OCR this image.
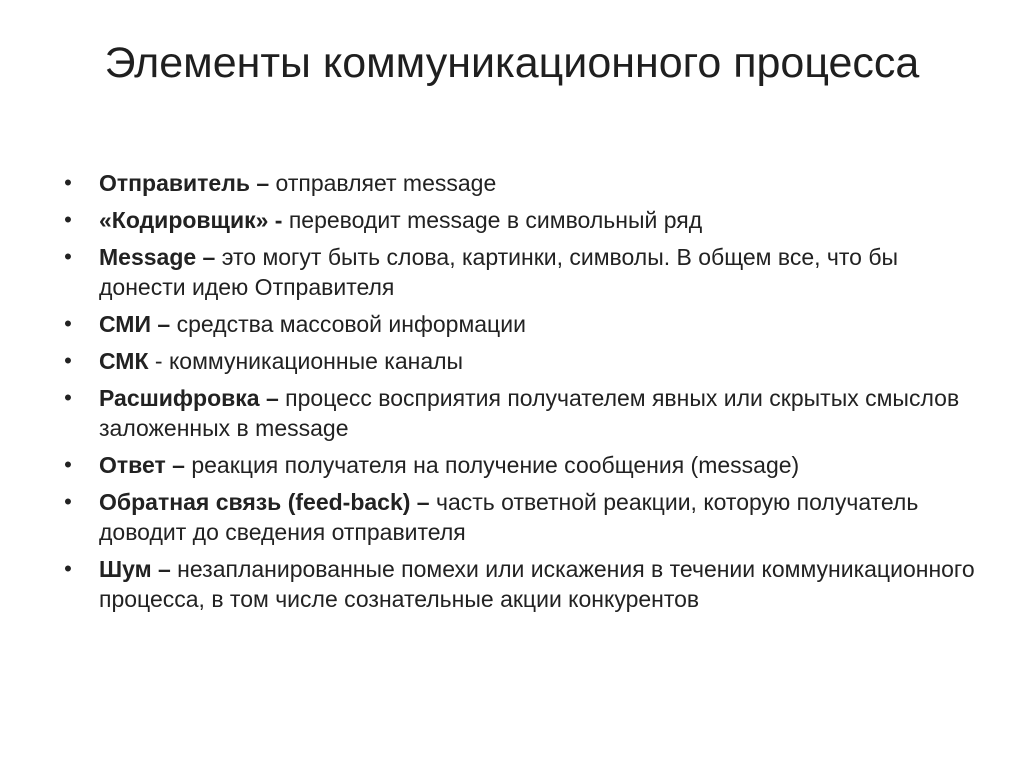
Элементы коммуникационного процесса
• Отправитель – отправляет message
• «Кодировщик» - переводит message в символьный ряд
• Message – это могут быть слова, картинки, символы. В общем все, что бы донести идею Отправителя
• СМИ – средства массовой информации
• СМК - коммуникационные каналы
• Расшифровка – процесс восприятия получателем явных или скрытых смыслов заложенных в message
• Ответ – реакция получателя на получение сообщения (message)
• Обратная связь (feed-back) – часть ответной реакции, которую получатель доводит до сведения отправителя
• Шум – незапланированные помехи или искажения в течении коммуникационного процесса, в том числе сознательные акции конкурентов
